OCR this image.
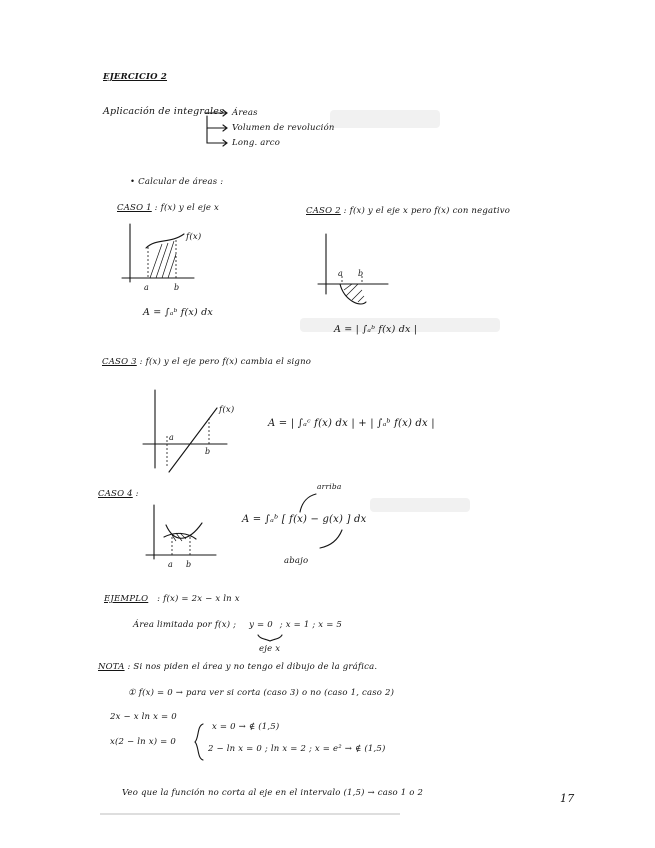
EJERCICIO 2
Aplicación de integrales Áreas
Volumen de revolución
Long. arco
• Calcular de áreas :
CASO 1 : f(x) y el eje x
a	b
f(x)
A = ∫ₐᵇ f(x) dx
CASO 2 : f(x) y el eje x pero f(x) con negativo
a b
A = | ∫ₐᵇ f(x) dx |
CASO 3 : f(x) y el eje pero f(x) cambia el signo
a
b
f(x)
A = | ∫ₐᶜ f(x) dx | + | ∫ₐᵇ f(x) dx |
CASO 4 :
a b
A = ∫ₐᵇ [ f(x) − g(x) ] dx
arriba
abajo
EJEMPLO : f(x) = 2x − x ln x
Área limitada por f(x) ; y = 0 ; x = 1 ; x = 5
eje x
NOTA : Si nos piden el área y no tengo el dibujo de la gráfica.
① f(x) = 0 → para ver si corta (caso 3) o no (caso 1, caso 2)
2x − x ln x = 0
x(2 − ln x) = 0
x = 0 → ∉ (1,5)
2 − ln x = 0 ; ln x = 2 ; x = e² → ∉ (1,5)
Veo que la función no corta al eje en el intervalo (1,5) → caso 1 o 2	17
